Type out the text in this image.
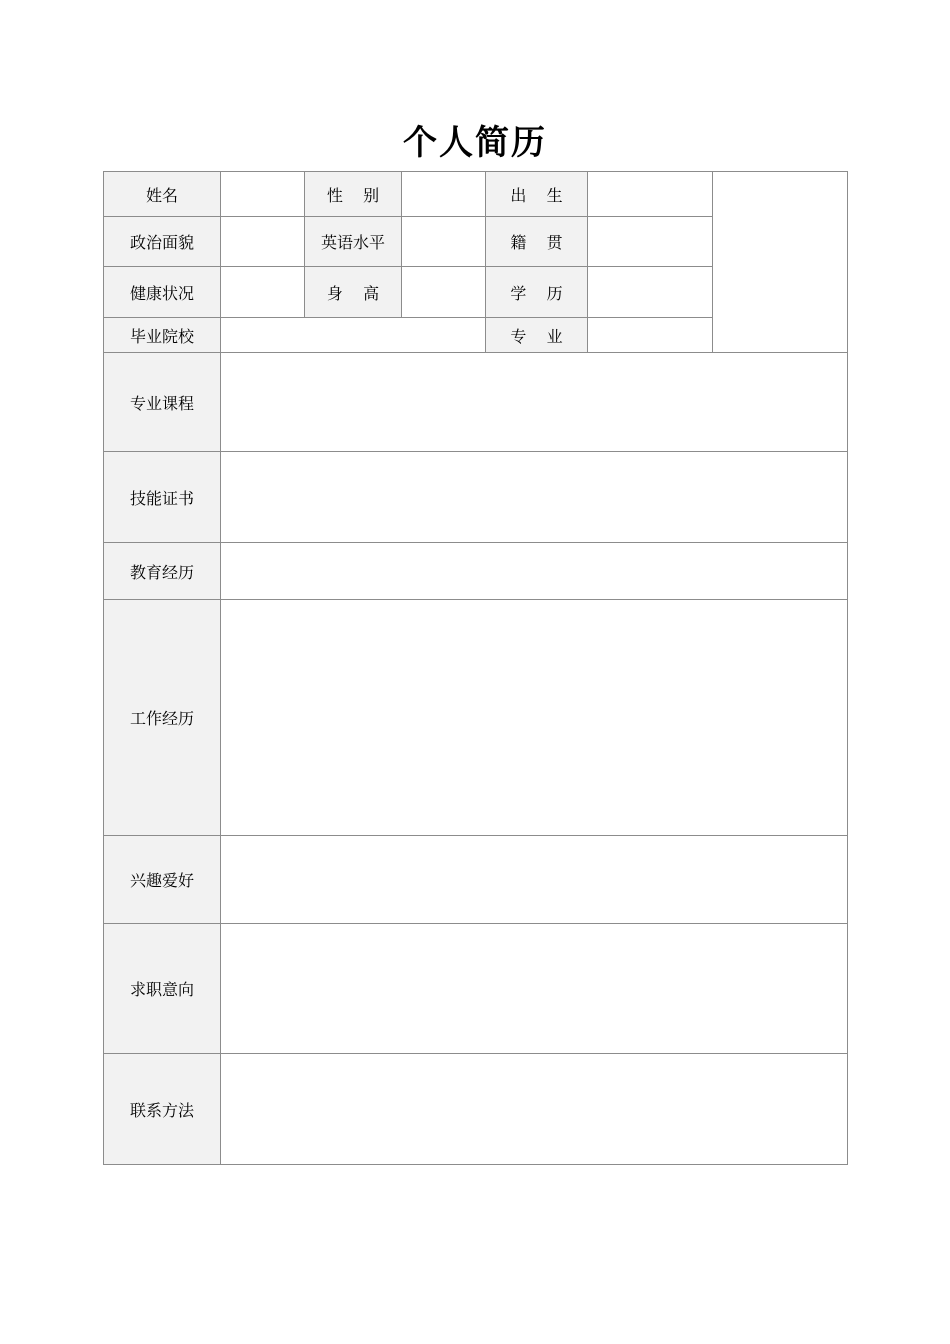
个人简历
姓名		性    别		出    生		
政治面貌		英语水平		籍    贯		
健康状况		身    高		学    历		
毕业院校				专    业		
专业课程						
技能证书						
教育经历						
工作经历						
兴趣爱好						
求职意向						
联系方法						
